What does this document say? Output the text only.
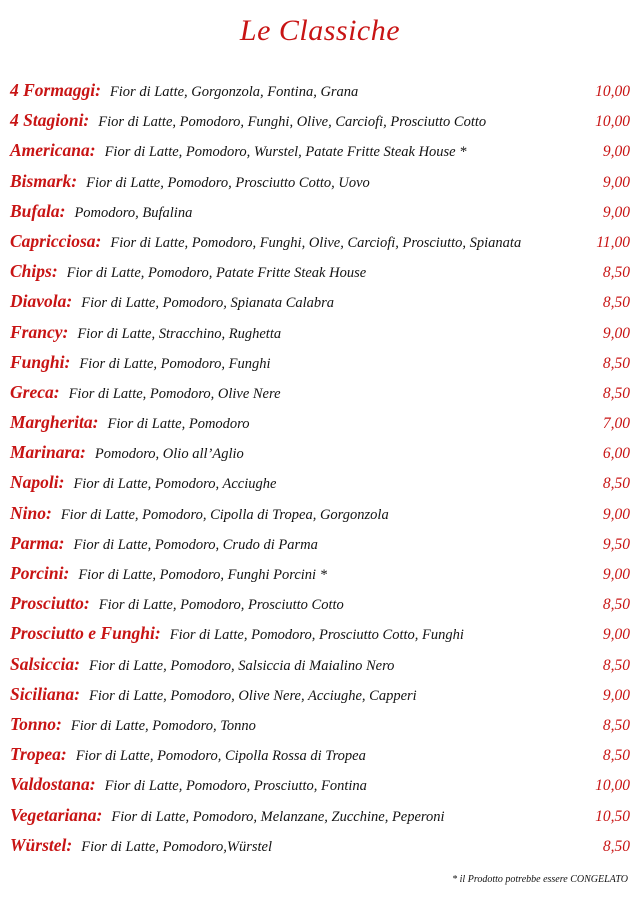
Le Classiche
4 Formaggi: Fior di Latte, Gorgonzola, Fontina, Grana	10,00
4 Stagioni: Fior di Latte, Pomodoro, Funghi, Olive, Carciofi, Prosciutto Cotto	10,00
Americana: Fior di Latte, Pomodoro, Wurstel, Patate Fritte Steak House *	9,00
Bismark: Fior di Latte, Pomodoro, Prosciutto Cotto, Uovo	9,00
Bufala: Pomodoro, Bufalina	9,00
Capricciosa: Fior di Latte, Pomodoro, Funghi, Olive, Carciofi, Prosciutto, Spianata	11,00
Chips: Fior di Latte, Pomodoro, Patate Fritte Steak House	8,50
Diavola: Fior di Latte, Pomodoro, Spianata Calabra	8,50
Francy: Fior di Latte, Stracchino, Rughetta	9,00
Funghi: Fior di Latte, Pomodoro, Funghi	8,50
Greca: Fior di Latte, Pomodoro, Olive Nere	8,50
Margherita: Fior di Latte, Pomodoro	7,00
Marinara: Pomodoro, Olio all’Aglio	6,00
Napoli: Fior di Latte, Pomodoro, Acciughe	8,50
Nino: Fior di Latte, Pomodoro, Cipolla di Tropea, Gorgonzola	9,00
Parma: Fior di Latte, Pomodoro, Crudo di Parma	9,50
Porcini: Fior di Latte, Pomodoro, Funghi Porcini *	9,00
Prosciutto: Fior di Latte, Pomodoro, Prosciutto Cotto	8,50
Prosciutto e Funghi: Fior di Latte, Pomodoro, Prosciutto Cotto, Funghi	9,00
Salsiccia: Fior di Latte, Pomodoro, Salsiccia di Maialino Nero	8,50
Siciliana: Fior di Latte, Pomodoro, Olive Nere, Acciughe, Capperi	9,00
Tonno: Fior di Latte, Pomodoro, Tonno	8,50
Tropea: Fior di Latte, Pomodoro, Cipolla Rossa di Tropea	8,50
Valdostana: Fior di Latte, Pomodoro, Prosciutto, Fontina	10,00
Vegetariana: Fior di Latte, Pomodoro, Melanzane, Zucchine, Peperoni	10,50
Würstel: Fior di Latte, Pomodoro,Würstel	8,50
* il Prodotto potrebbe essere CONGELATO
